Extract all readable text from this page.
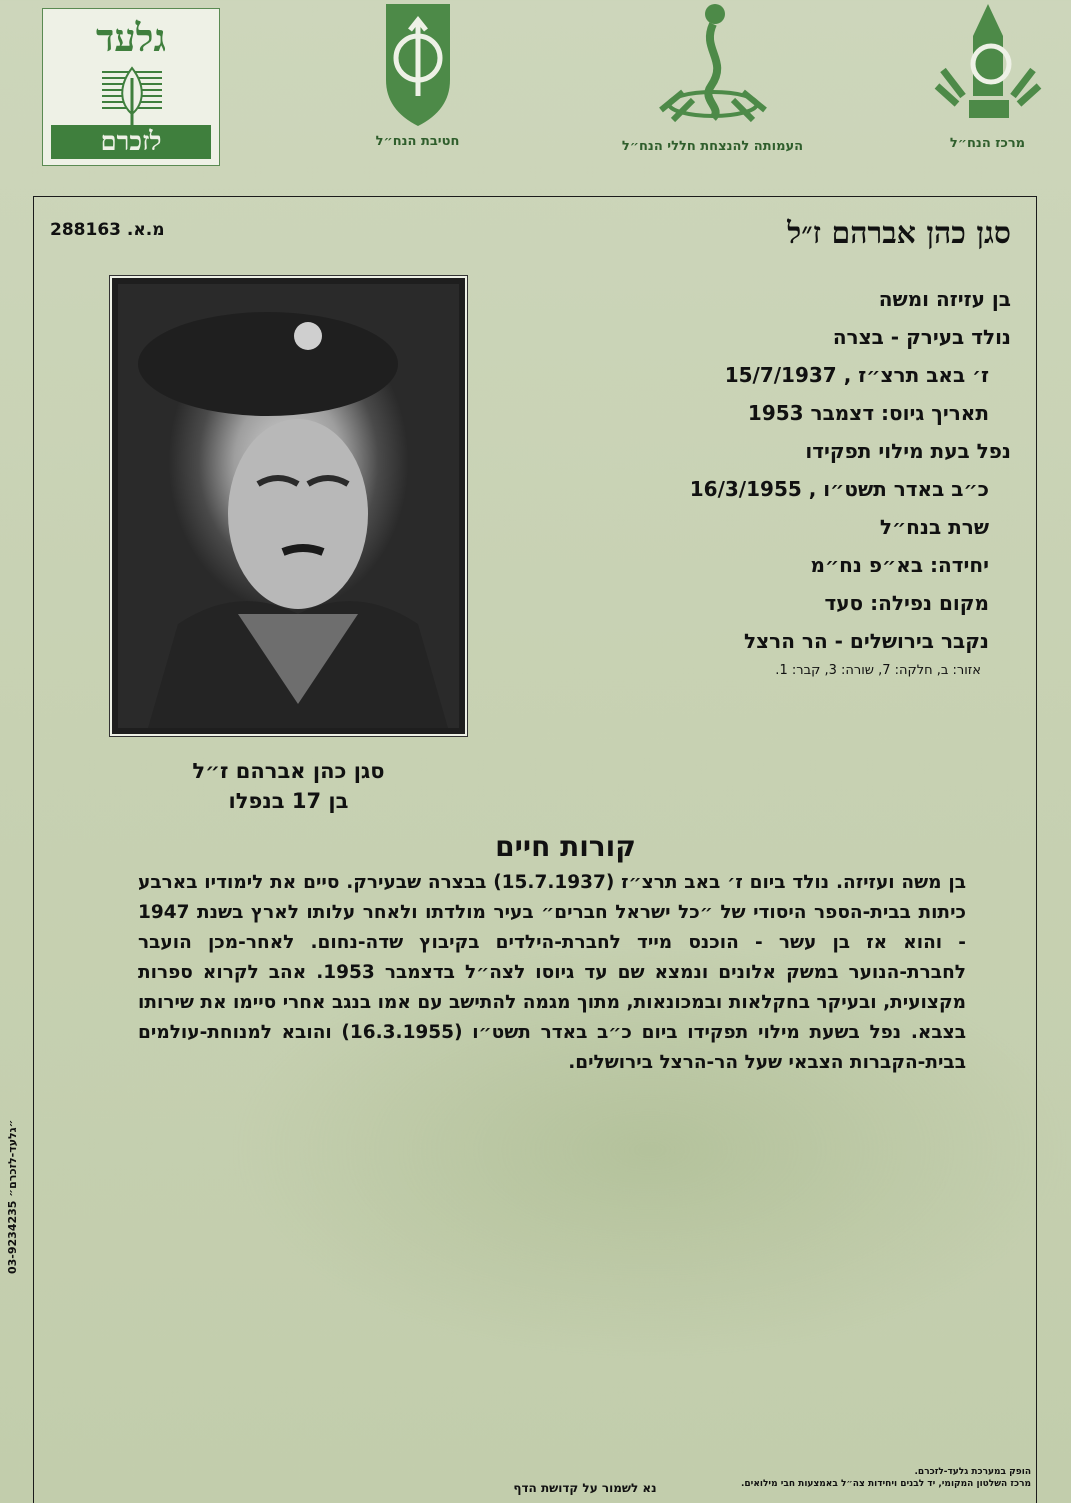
גלעד
לזכרם	חטיבת הנח״ל	העמותה להנצחת חללי הנח״ל	מרכז הנח״ל
מ.א. 288163	סגן כהן אברהם ז״ל
סגן כהן אברהם ז״ל
בן 17 בנפלו
בן עזיזה ומשה
נולד בעירק - בצרה
ז׳ באב תרצ״ז , 15/7/1937
תאריך גיוס: דצמבר 1953
נפל בעת מילוי תפקידו
כ״ב באדר תשט״ו , 16/3/1955
שרת בנח״ל
יחידה: בא״פ נח״מ
מקום נפילה: סעד
נקבר בירושלים - הר הרצל
אזור: ב, חלקה: 7, שורה: 3, קבר: 1.
קורות חיים
בן משה ועזיזה. נולד ביום ז׳ באב תרצ״ז (15.7.1937) בבצרה שבעירק. סיים את לימודיו בארבע כיתות בבית-הספר היסודי של ״כל ישראל חברים״ בעיר מולדתו ולאחר עלותו לארץ בשנת 1947 - והוא אז בן עשר - הוכנס מייד לחברת-הילדים בקיבוץ שדה-נחום. לאחר-מכן הועבר לחברת-הנוער במשק אלונים ונמצא שם עד גיוסו לצה״ל בדצמבר 1953. אהב לקרוא ספרות מקצועית, ובעיקר בחקלאות ובמכונאות, מתוך מגמה להתישב עם אמו בנגב אחרי סיימו את שירותו בצבא. נפל בשעת מילוי תפקידו ביום כ״ב באדר תשט״ו (16.3.1955) והובא למנוחת-עולמים בבית-הקברות הצבאי שעל הר-הרצל בירושלים.
״גלעד-לזכרם״ 03-9234235
נא לשמור על קדושת הדף
הופק במערכת גלעד-לזכרם.
מרכז השלטון המקומי, יד לבנים ויחידות צה״ל באמצעות חבי מילואים.
